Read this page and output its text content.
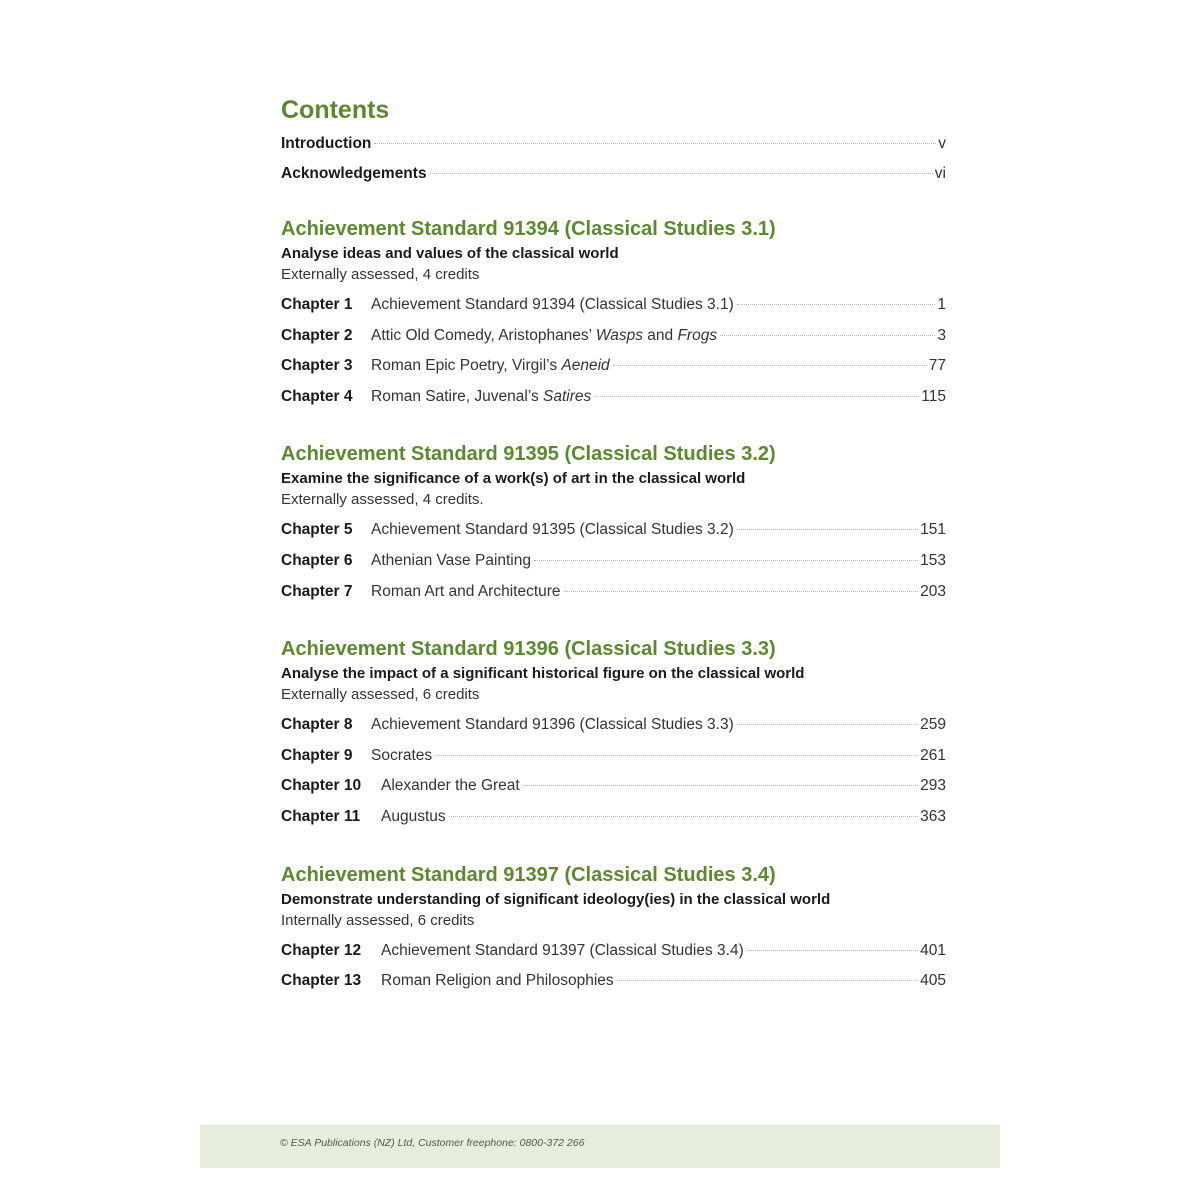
Contents
Introduction	v
Acknowledgements	vi
Achievement Standard 91394 (Classical Studies 3.1)
Analyse ideas and values of the classical world
Externally assessed, 4 credits
Chapter 1	Achievement Standard 91394 (Classical Studies 3.1)	1
Chapter 2	Attic Old Comedy, Aristophanes’ Wasps and Frogs	3
Chapter 3	Roman Epic Poetry, Virgil’s Aeneid	77
Chapter 4	Roman Satire, Juvenal’s Satires	115
Achievement Standard 91395 (Classical Studies 3.2)
Examine the significance of a work(s) of art in the classical world
Externally assessed, 4 credits.
Chapter 5	Achievement Standard 91395 (Classical Studies 3.2)	151
Chapter 6	Athenian Vase Painting	153
Chapter 7	Roman Art and Architecture	203
Achievement Standard 91396 (Classical Studies 3.3)
Analyse the impact of a significant historical figure on the classical world
Externally assessed, 6 credits
Chapter 8	Achievement Standard 91396 (Classical Studies 3.3)	259
Chapter 9	Socrates	261
Chapter 10	Alexander the Great	293
Chapter 11	Augustus	363
Achievement Standard 91397 (Classical Studies 3.4)
Demonstrate understanding of significant ideology(ies) in the classical world
Internally assessed, 6 credits
Chapter 12	Achievement Standard 91397 (Classical Studies 3.4)	401
Chapter 13	Roman Religion and Philosophies	405
© ESA Publications (NZ) Ltd, Customer freephone: 0800-372 266
